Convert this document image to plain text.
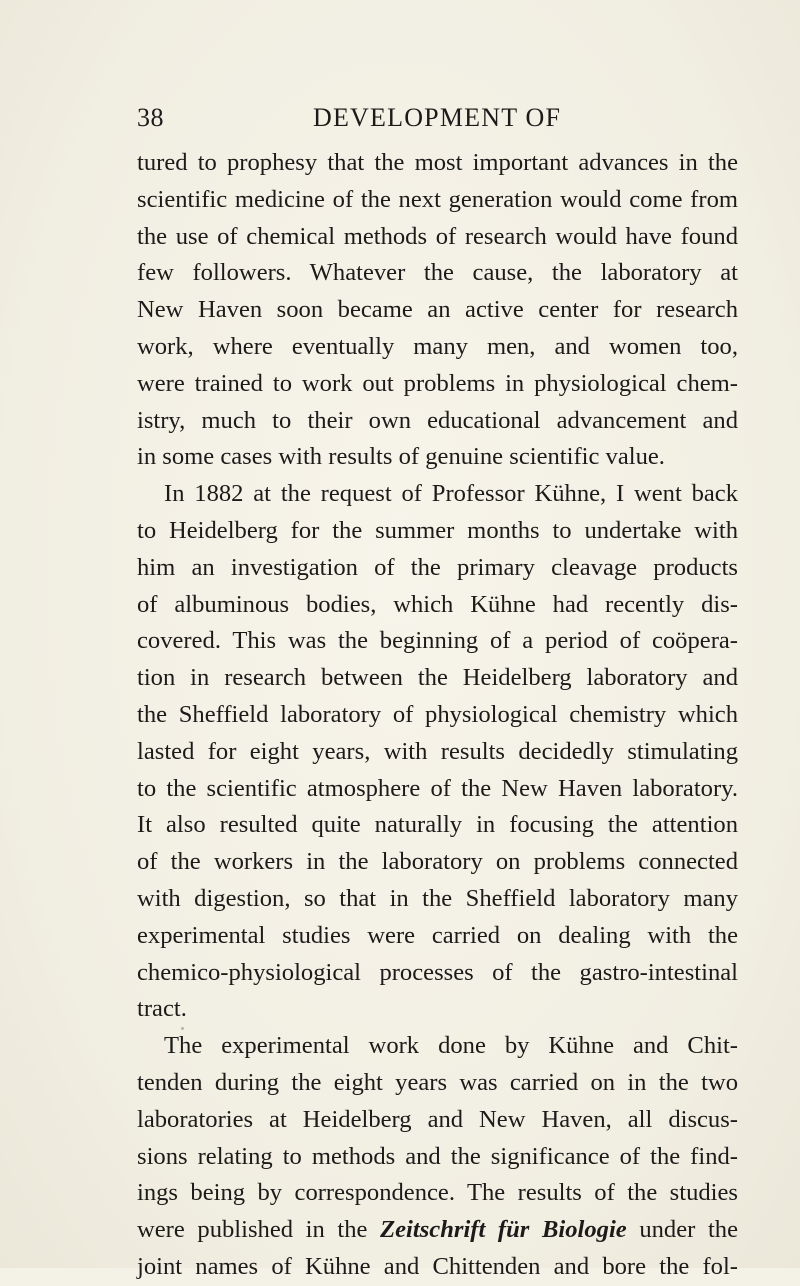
38	DEVELOPMENT OF
tured to prophesy that the most important advances in the
scientific medicine of the next generation would come from
the use of chemical methods of research would have found
few followers. Whatever the cause, the laboratory at
New Haven soon became an active center for research
work, where eventually many men, and women too,
were trained to work out problems in physiological chem-
istry, much to their own educational advancement and
in some cases with results of genuine scientific value.
In 1882 at the request of Professor Kühne, I went back
to Heidelberg for the summer months to undertake with
him an investigation of the primary cleavage products
of albuminous bodies, which Kühne had recently dis-
covered. This was the beginning of a period of coöpera-
tion in research between the Heidelberg laboratory and
the Sheffield laboratory of physiological chemistry which
lasted for eight years, with results decidedly stimulating
to the scientific atmosphere of the New Haven laboratory.
It also resulted quite naturally in focusing the attention
of the workers in the laboratory on problems connected
with digestion, so that in the Sheffield laboratory many
experimental studies were carried on dealing with the
chemico-physiological processes of the gastro-intestinal
tract.
The experimental work done by Kühne and Chit-
tenden during the eight years was carried on in the two
laboratories at Heidelberg and New Haven, all discus-
sions relating to methods and the significance of the find-
ings being by correspondence. The results of the studies
were published in the Zeitschrift für Biologie under the
joint names of Kühne and Chittenden and bore the fol-
